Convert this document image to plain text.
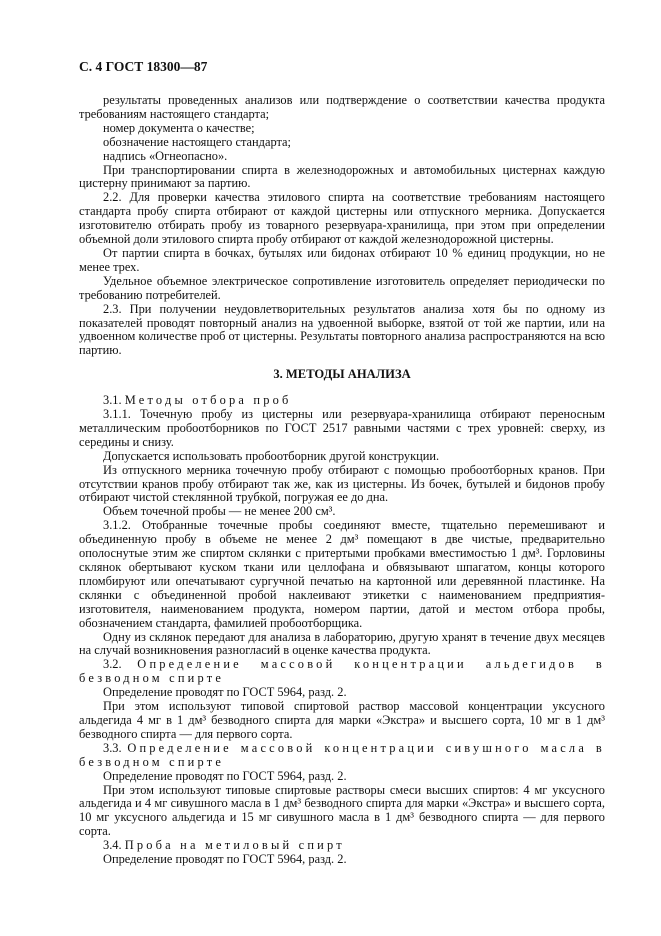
С. 4 ГОСТ 18300—87

результаты проведенных анализов или подтверждение о соответствии качества продукта требованиям настоящего стандарта;

номер документа о качестве;

обозначение настоящего стандарта;

надпись «Огнеопасно».

При транспортировании спирта в железнодорожных и автомобильных цистернах каждую цистерну принимают за партию.

2.2. Для проверки качества этилового спирта на соответствие требованиям настоящего стандарта пробу спирта отбирают от каждой цистерны или отпускного мерника. Допускается изготовителю отбирать пробу из товарного резервуара-хранилища, при этом при определении объемной доли этилового спирта пробу отбирают от каждой железнодорожной цистерны.

От партии спирта в бочках, бутылях или бидонах отбирают 10 % единиц продукции, но не менее трех.

Удельное объемное электрическое сопротивление изготовитель определяет периодически по требованию потребителей.

2.3. При получении неудовлетворительных результатов анализа хотя бы по одному из показателей проводят повторный анализ на удвоенной выборке, взятой от той же партии, или на удвоенном количестве проб от цистерны. Результаты повторного анализа распространяются на всю партию.

3. МЕТОДЫ АНАЛИЗА

3.1. Методы отбора проб

3.1.1. Точечную пробу из цистерны или резервуара-хранилища отбирают переносным металлическим пробоотборников по ГОСТ 2517 равными частями с трех уровней: сверху, из середины и снизу.

Допускается использовать пробоотборник другой конструкции.

Из отпускного мерника точечную пробу отбирают с помощью пробоотборных кранов. При отсутствии кранов пробу отбирают так же, как из цистерны. Из бочек, бутылей и бидонов пробу отбирают чистой стеклянной трубкой, погружая ее до дна.

Объем точечной пробы — не менее 200 см³.

3.1.2. Отобранные точечные пробы соединяют вместе, тщательно перемешивают и объединенную пробу в объеме не менее 2 дм³ помещают в две чистые, предварительно ополоснутые этим же спиртом склянки с притертыми пробками вместимостью 1 дм³. Горловины склянок обертывают куском ткани или целлофана и обвязывают шпагатом, концы которого пломбируют или опечатывают сургучной печатью на картонной или деревянной пластинке. На склянки с объединенной пробой наклеивают этикетки с наименованием предприятия-изготовителя, наименованием продукта, номером партии, датой и местом отбора пробы, обозначением стандарта, фамилией пробоотборщика.

Одну из склянок передают для анализа в лабораторию, другую хранят в течение двух месяцев на случай возникновения разногласий в оценке качества продукта.

3.2. Определение массовой концентрации альдегидов в безводном спирте

Определение проводят по ГОСТ 5964, разд. 2.

При этом используют типовой спиртовой раствор массовой концентрации уксусного альдегида 4 мг в 1 дм³ безводного спирта для марки «Экстра» и высшего сорта, 10 мг в 1 дм³ безводного спирта — для первого сорта.

3.3. Определение массовой концентрации сивушного масла в безводном спирте

Определение проводят по ГОСТ 5964, разд. 2.

При этом используют типовые спиртовые растворы смеси высших спиртов: 4 мг уксусного альдегида и 4 мг сивушного масла в 1 дм³ безводного спирта для марки «Экстра» и высшего сорта, 10 мг уксусного альдегида и 15 мг сивушного масла в 1 дм³ безводного спирта — для первого сорта.

3.4. Проба на метиловый спирт

Определение проводят по ГОСТ 5964, разд. 2.
